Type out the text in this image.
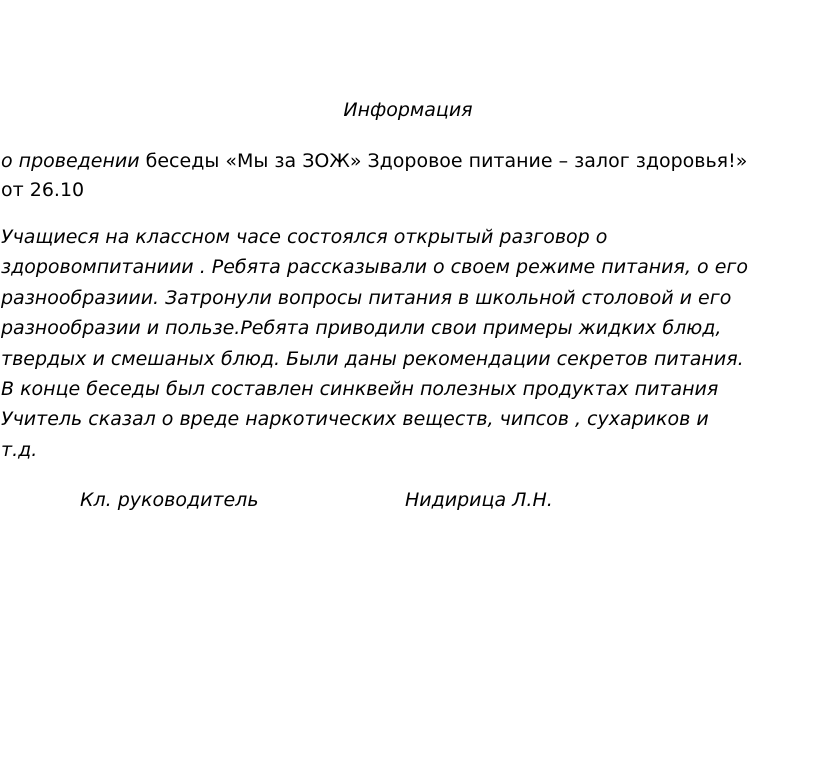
Информация
о проведении беседы «Мы за ЗОЖ» Здоровое питание – залог здоровья!»
от 26.10
Учащиеся на классном часе состоялся открытый разговор о
здоровомпитаниии . Ребята рассказывали о своем режиме питания, о его
разнообразиии. Затронули вопросы питания в школьной столовой и его
разнообразии и пользе.Ребята приводили свои примеры жидких блюд,
твердых и смешаных блюд. Были даны рекомендации секретов питания.
В конце беседы был составлен синквейн полезных продуктах питания
Учитель сказал о вреде наркотических веществ, чипсов , сухариков и
т.д.
Кл. руководитель	Нидирица Л.Н.
